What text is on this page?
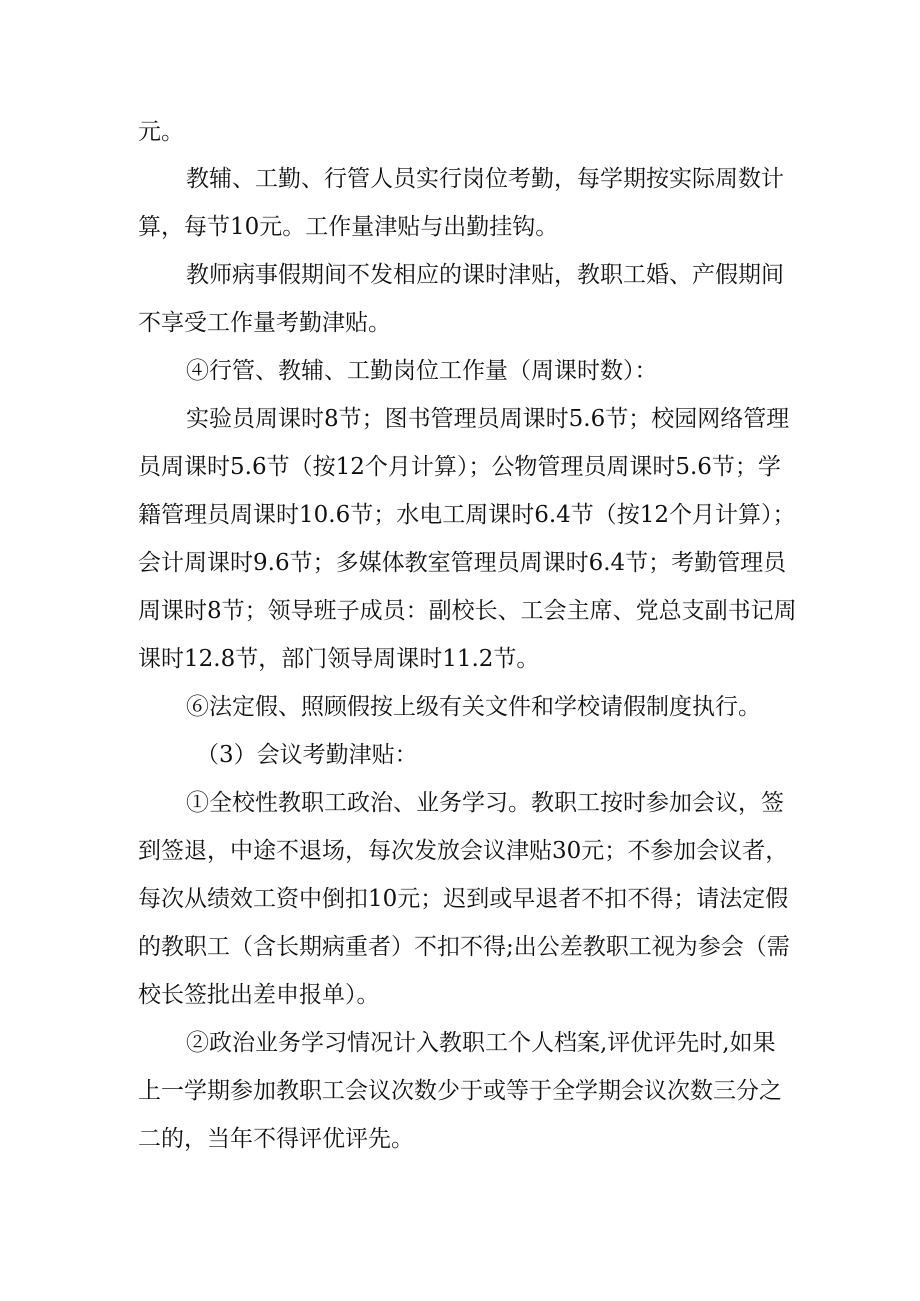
元。
教辅、工勤、行管人员实行岗位考勤，每学期按实际周数计
算，每节10元。工作量津贴与出勤挂钩。
教师病事假期间不发相应的课时津贴，教职工婚、产假期间
不享受工作量考勤津贴。
④行管、教辅、工勤岗位工作量（周课时数）：
实验员周课时8节；图书管理员周课时5.6节；校园网络管理
员周课时5.6节（按12个月计算）；公物管理员周课时5.6节；学
籍管理员周课时10.6节；水电工周课时6.4节（按12个月计算）；
会计周课时9.6节；多媒体教室管理员周课时6.4节；考勤管理员
周课时8节；领导班子成员：副校长、工会主席、党总支副书记周
课时12.8节，部门领导周课时11.2节。
⑥法定假、照顾假按上级有关文件和学校请假制度执行。
（3）会议考勤津贴：
①全校性教职工政治、业务学习。教职工按时参加会议，签
到签退，中途不退场，每次发放会议津贴30元；不参加会议者，
每次从绩效工资中倒扣10元；迟到或早退者不扣不得；请法定假
的教职工（含长期病重者）不扣不得;出公差教职工视为参会（需
校长签批出差申报单）。
②政治业务学习情况计入教职工个人档案,评优评先时,如果
上一学期参加教职工会议次数少于或等于全学期会议次数三分之
二的，当年不得评优评先。
